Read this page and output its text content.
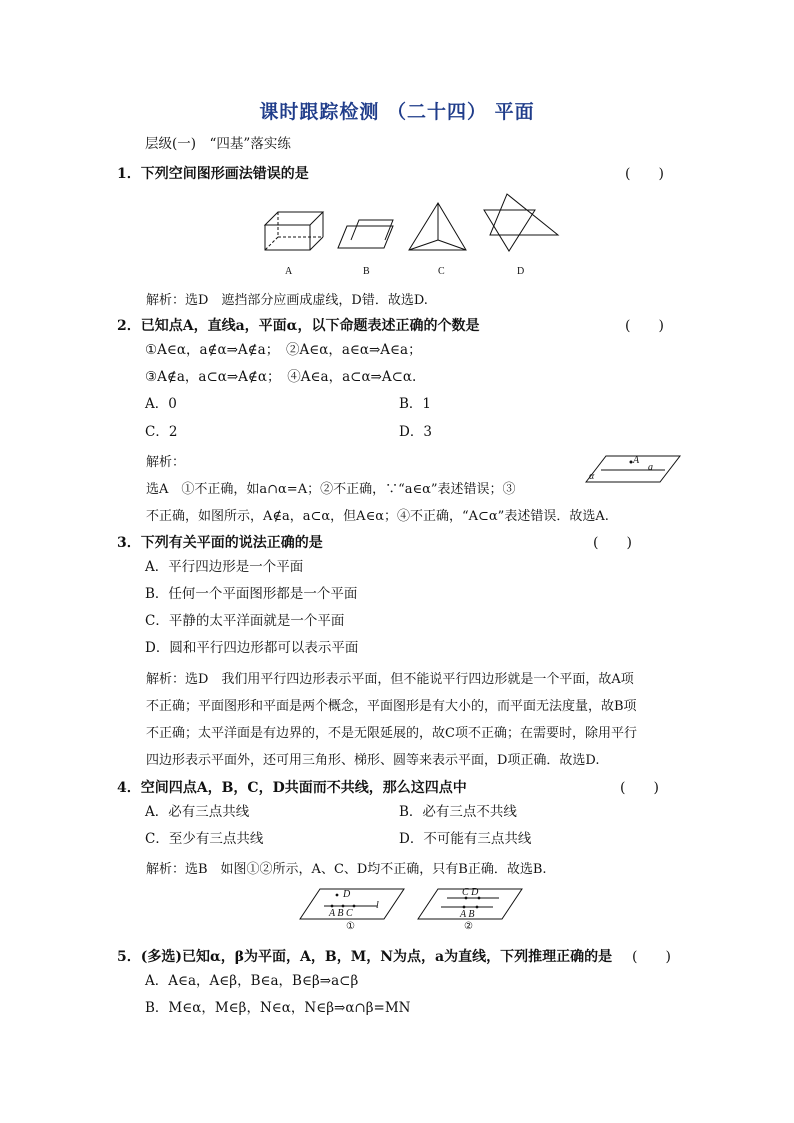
课时跟踪检测 （二十四） 平面
层级(一)　“四基”落实练
1．下列空间图形画法错误的是	(　　)
A	B	C	D
解析：选D　遮挡部分应画成虚线，D错．故选D.
2．已知点A，直线a，平面α，以下命题表述正确的个数是	(　　)
①A∈α，a∉α⇒A∉a；　②A∈α，a∈α⇒A∈a；
③A∉a，a⊂α⇒A∉α；　④A∈a，a⊂α⇒A⊂α.
A．0	B．1
C．2	D．3
解析：	A
a
α
选A　①不正确，如a∩α=A；②不正确，∵“a∈α”表述错误；③
不正确，如图所示，A∉a，a⊂α，但A∈α；④不正确，“A⊂α”表述错误．故选A.
3．下列有关平面的说法正确的是	(　　)
A．平行四边形是一个平面
B．任何一个平面图形都是一个平面
C．平静的太平洋面就是一个平面
D．圆和平行四边形都可以表示平面
解析：选D　我们用平行四边形表示平面，但不能说平行四边形就是一个平面，故A项
不正确；平面图形和平面是两个概念，平面图形是有大小的，而平面无法度量，故B项
不正确；太平洋面是有边界的，不是无限延展的，故C项不正确；在需要时，除用平行
四边形表示平面外，还可用三角形、梯形、圆等来表示平面，D项正确．故选D.
4．空间四点A，B，C，D共面而不共线，那么这四点中	(　　)
A．必有三点共线	B．必有三点不共线
C．至少有三点共线	D．不可能有三点共线
解析：选B　如图①②所示，A、C、D均不正确，只有B正确．故选B.
D
A B C
l
①
C D
A B
②
5．(多选)已知α，β为平面，A，B，M，N为点，a为直线，下列推理正确的是 (　　)
A．A∈a，A∈β，B∈a，B∈β⇒a⊂β
B．M∈α，M∈β，N∈α，N∈β⇒α∩β=MN
